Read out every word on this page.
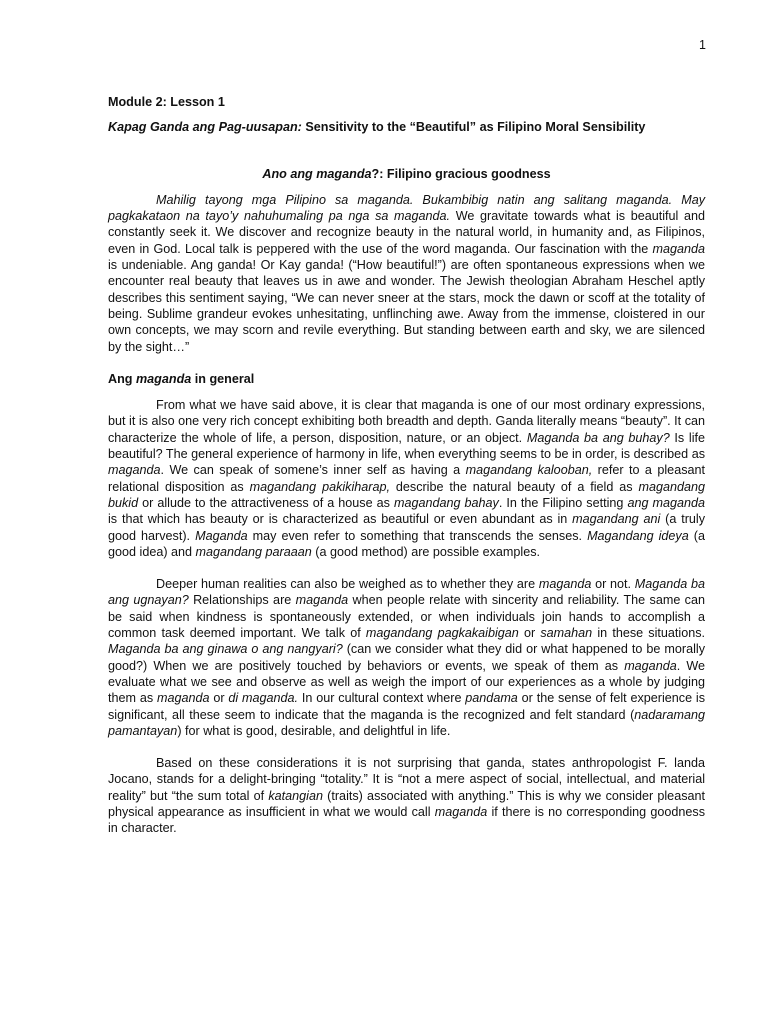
1
Module 2: Lesson 1
Kapag Ganda ang Pag-uusapan: Sensitivity to the “Beautiful” as Filipino Moral Sensibility
Ano ang maganda?: Filipino gracious goodness

Mahilig tayong mga Pilipino sa maganda. Bukambibig natin ang salitang maganda. May pagkakataon na tayo’y nahuhumaling pa nga sa maganda. We gravitate towards what is beautiful and constantly seek it. We discover and recognize beauty in the natural world, in humanity and, as Filipinos, even in God. Local talk is peppered with the use of the word maganda. Our fascination with the maganda is undeniable. Ang ganda! Or Kay ganda! (“How beautiful!”) are often spontaneous expressions when we encounter real beauty that leaves us in awe and wonder. The Jewish theologian Abraham Heschel aptly describes this sentiment saying, “We can never sneer at the stars, mock the dawn or scoff at the totality of being. Sublime grandeur evokes unhesitating, unflinching awe. Away from the immense, cloistered in our own concepts, we may scorn and revile everything. But standing between earth and sky, we are silenced by the sight…”

Ang maganda in general

From what we have said above, it is clear that maganda is one of our most ordinary expressions, but it is also one very rich concept exhibiting both breadth and depth. Ganda literally means “beauty”. It can characterize the whole of life, a person, disposition, nature, or an object. Maganda ba ang buhay? Is life beautiful? The general experience of harmony in life, when everything seems to be in order, is described as maganda. We can speak of somene’s inner self as having a magandang kalooban, refer to a pleasant relational disposition as magandang pakikiharap, describe the natural beauty of a field as magandang bukid or allude to the attractiveness of a house as magandang bahay. In the Filipino setting ang maganda is that which has beauty or is characterized as beautiful or even abundant as in magandang ani (a truly good harvest). Maganda may even refer to something that transcends the senses. Magandang ideya (a good idea) and magandang paraaan (a good method) are possible examples.

Deeper human realities can also be weighed as to whether they are maganda or not. Maganda ba ang ugnayan? Relationships are maganda when people relate with sincerity and reliability. The same can be said when kindness is spontaneously extended, or when individuals join hands to accomplish a common task deemed important. We talk of magandang pagkakaibigan or samahan in these situations. Maganda ba ang ginawa o ang nangyari? (can we consider what they did or what happened to be morally good?) When we are positively touched by behaviors or events, we speak of them as maganda. We evaluate what we see and observe as well as weigh the import of our experiences as a whole by judging them as maganda or di maganda. In our cultural context where pandama or the sense of felt experience is significant, all these seem to indicate that the maganda is the recognized and felt standard (nadaramang pamantayan) for what is good, desirable, and delightful in life.

Based on these considerations it is not surprising that ganda, states anthropologist F. landa Jocano, stands for a delight-bringing “totality.” It is “not a mere aspect of social, intellectual, and material reality” but “the sum total of katangian (traits) associated with anything.” This is why we consider pleasant physical appearance as insufficient in what we would call maganda if there is no corresponding goodness in character.
